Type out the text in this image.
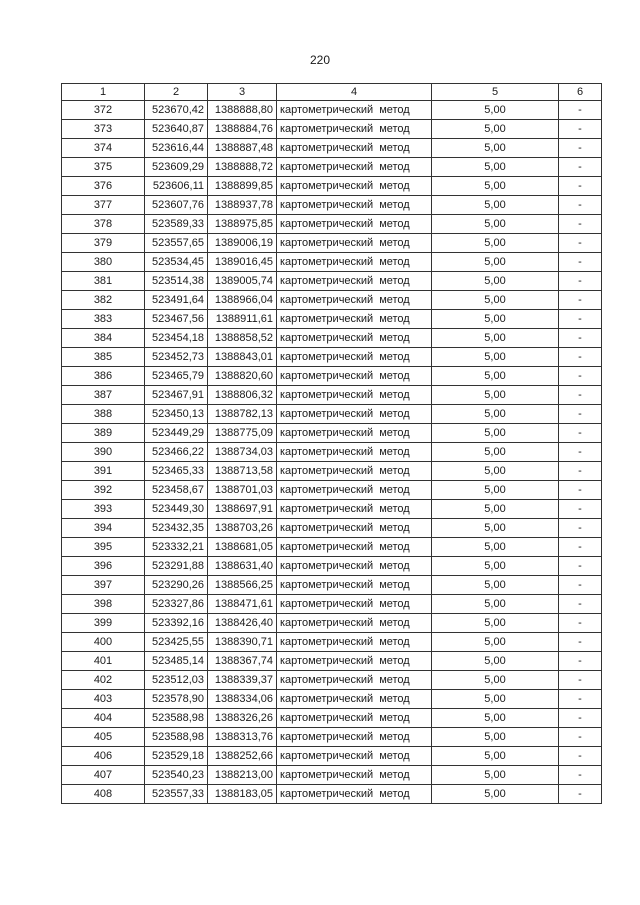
220
1	2	3	4	5	6
372	523670,42	1388888,80	картометрический метод	5,00	-
373	523640,87	1388884,76	картометрический метод	5,00	-
374	523616,44	1388887,48	картометрический метод	5,00	-
375	523609,29	1388888,72	картометрический метод	5,00	-
376	523606,11	1388899,85	картометрический метод	5,00	-
377	523607,76	1388937,78	картометрический метод	5,00	-
378	523589,33	1388975,85	картометрический метод	5,00	-
379	523557,65	1389006,19	картометрический метод	5,00	-
380	523534,45	1389016,45	картометрический метод	5,00	-
381	523514,38	1389005,74	картометрический метод	5,00	-
382	523491,64	1388966,04	картометрический метод	5,00	-
383	523467,56	1388911,61	картометрический метод	5,00	-
384	523454,18	1388858,52	картометрический метод	5,00	-
385	523452,73	1388843,01	картометрический метод	5,00	-
386	523465,79	1388820,60	картометрический метод	5,00	-
387	523467,91	1388806,32	картометрический метод	5,00	-
388	523450,13	1388782,13	картометрический метод	5,00	-
389	523449,29	1388775,09	картометрический метод	5,00	-
390	523466,22	1388734,03	картометрический метод	5,00	-
391	523465,33	1388713,58	картометрический метод	5,00	-
392	523458,67	1388701,03	картометрический метод	5,00	-
393	523449,30	1388697,91	картометрический метод	5,00	-
394	523432,35	1388703,26	картометрический метод	5,00	-
395	523332,21	1388681,05	картометрический метод	5,00	-
396	523291,88	1388631,40	картометрический метод	5,00	-
397	523290,26	1388566,25	картометрический метод	5,00	-
398	523327,86	1388471,61	картометрический метод	5,00	-
399	523392,16	1388426,40	картометрический метод	5,00	-
400	523425,55	1388390,71	картометрический метод	5,00	-
401	523485,14	1388367,74	картометрический метод	5,00	-
402	523512,03	1388339,37	картометрический метод	5,00	-
403	523578,90	1388334,06	картометрический метод	5,00	-
404	523588,98	1388326,26	картометрический метод	5,00	-
405	523588,98	1388313,76	картометрический метод	5,00	-
406	523529,18	1388252,66	картометрический метод	5,00	-
407	523540,23	1388213,00	картометрический метод	5,00	-
408	523557,33	1388183,05	картометрический метод	5,00	-
